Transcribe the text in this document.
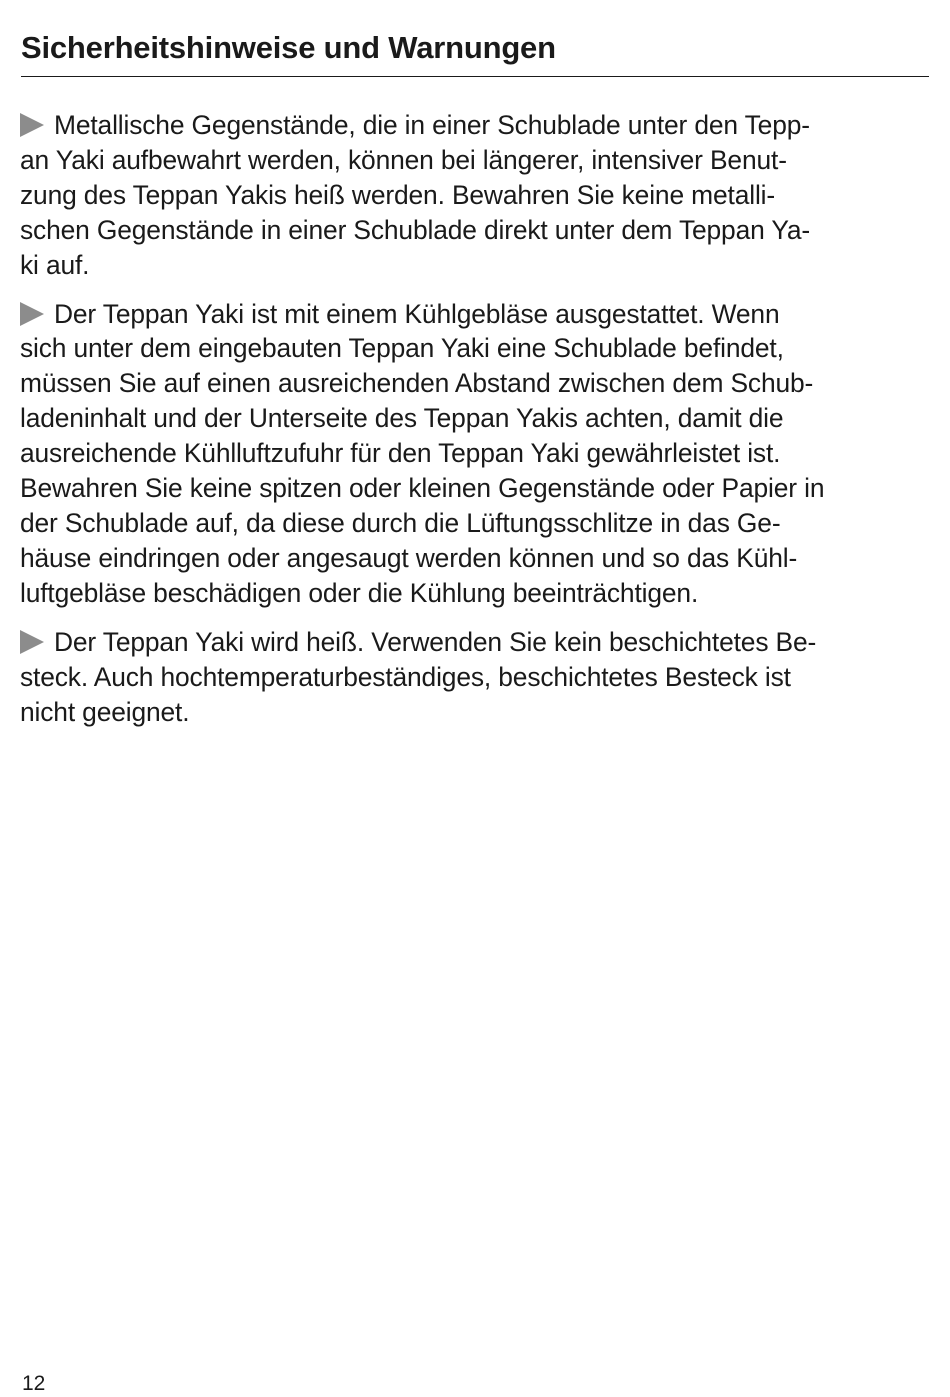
Sicherheitshinweise und Warnungen

Metallische Gegenstände, die in einer Schublade unter den Tepp-
an Yaki aufbewahrt werden, können bei längerer, intensiver Benut-
zung des Teppan Yakis heiß werden. Bewahren Sie keine metalli-
schen Gegenstände in einer Schublade direkt unter dem Teppan Ya-
ki auf.

Der Teppan Yaki ist mit einem Kühlgebläse ausgestattet. Wenn
sich unter dem eingebauten Teppan Yaki eine Schublade befindet,
müssen Sie auf einen ausreichenden Abstand zwischen dem Schub-
ladeninhalt und der Unterseite des Teppan Yakis achten, damit die
ausreichende Kühlluftzufuhr für den Teppan Yaki gewährleistet ist.
Bewahren Sie keine spitzen oder kleinen Gegenstände oder Papier in
der Schublade auf, da diese durch die Lüftungsschlitze in das Ge-
häuse eindringen oder angesaugt werden können und so das Kühl-
luftgebläse beschädigen oder die Kühlung beeinträchtigen.

Der Teppan Yaki wird heiß. Verwenden Sie kein beschichtetes Be-
steck. Auch hochtemperaturbeständiges, beschichtetes Besteck ist
nicht geeignet.

12
